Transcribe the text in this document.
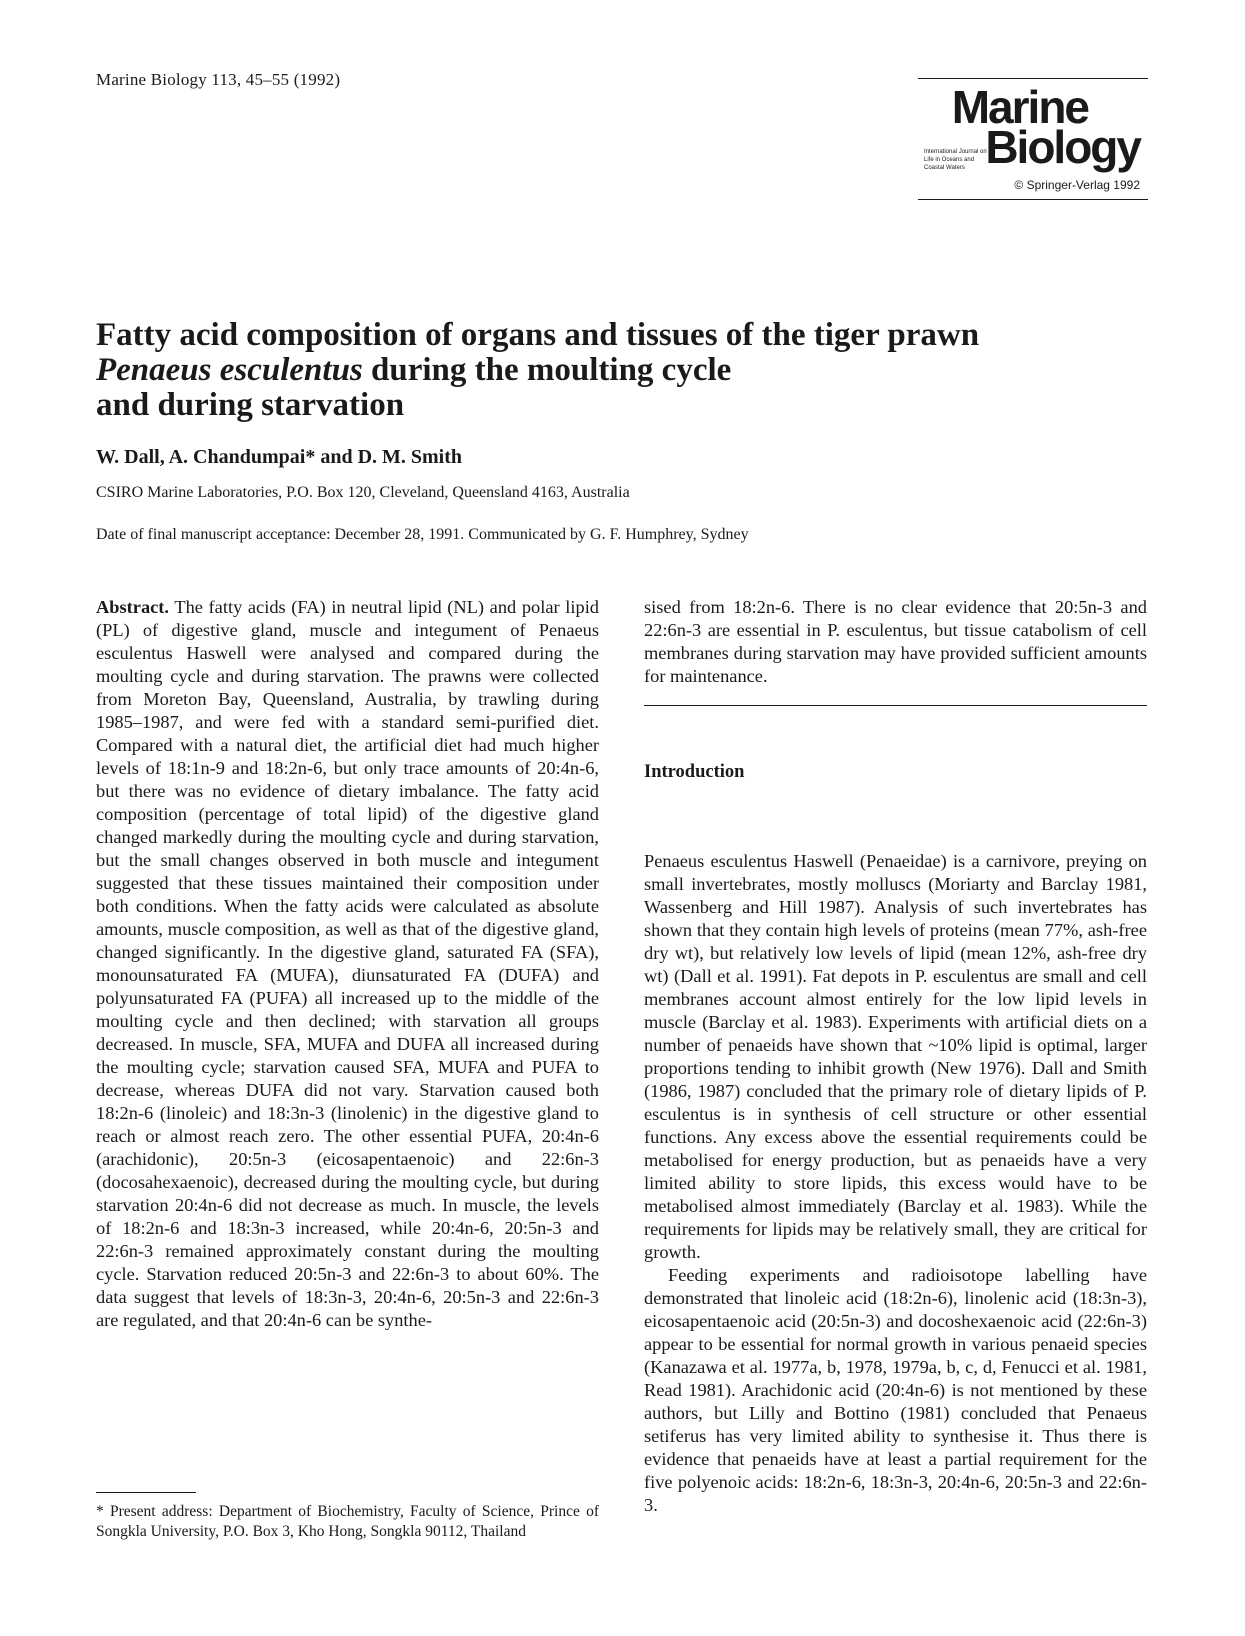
Marine Biology 113, 45–55 (1992)
Marine
International Journal on Life in Oceans and Coastal Waters Biology
© Springer-Verlag 1992
Fatty acid composition of organs and tissues of the tiger prawn
Penaeus esculentus during the moulting cycle
and during starvation
W. Dall, A. Chandumpai* and D. M. Smith
CSIRO Marine Laboratories, P.O. Box 120, Cleveland, Queensland 4163, Australia
Date of final manuscript acceptance: December 28, 1991. Communicated by G. F. Humphrey, Sydney

Abstract. The fatty acids (FA) in neutral lipid (NL) and polar lipid (PL) of digestive gland, muscle and integument of Penaeus esculentus Haswell were analysed and compared during the moulting cycle and during starvation. The prawns were collected from Moreton Bay, Queensland, Australia, by trawling during 1985–1987, and were fed with a standard semi-purified diet. Compared with a natural diet, the artificial diet had much higher levels of 18:1n-9 and 18:2n-6, but only trace amounts of 20:4n-6, but there was no evidence of dietary imbalance. The fatty acid composition (percentage of total lipid) of the digestive gland changed markedly during the moulting cycle and during starvation, but the small changes observed in both muscle and integument suggested that these tissues maintained their composition under both conditions. When the fatty acids were calculated as absolute amounts, muscle composition, as well as that of the digestive gland, changed significantly. In the digestive gland, saturated FA (SFA), monounsaturated FA (MUFA), diunsaturated FA (DUFA) and polyunsaturated FA (PUFA) all increased up to the middle of the moulting cycle and then declined; with starvation all groups decreased. In muscle, SFA, MUFA and DUFA all increased during the moulting cycle; starvation caused SFA, MUFA and PUFA to decrease, whereas DUFA did not vary. Starvation caused both 18:2n-6 (linoleic) and 18:3n-3 (linolenic) in the digestive gland to reach or almost reach zero. The other essential PUFA, 20:4n-6 (arachidonic), 20:5n-3 (eicosapentaenoic) and 22:6n-3 (docosahexaenoic), decreased during the moulting cycle, but during starvation 20:4n-6 did not decrease as much. In muscle, the levels of 18:2n-6 and 18:3n-3 increased, while 20:4n-6, 20:5n-3 and 22:6n-3 remained approximately constant during the moulting cycle. Starvation reduced 20:5n-3 and 22:6n-3 to about 60%. The data suggest that levels of 18:3n-3, 20:4n-6, 20:5n-3 and 22:6n-3 are regulated, and that 20:4n-6 can be synthe-

sised from 18:2n-6. There is no clear evidence that 20:5n-3 and 22:6n-3 are essential in P. esculentus, but tissue catabolism of cell membranes during starvation may have provided sufficient amounts for maintenance.

Introduction

Penaeus esculentus Haswell (Penaeidae) is a carnivore, preying on small invertebrates, mostly molluscs (Moriarty and Barclay 1981, Wassenberg and Hill 1987). Analysis of such invertebrates has shown that they contain high levels of proteins (mean 77%, ash-free dry wt), but relatively low levels of lipid (mean 12%, ash-free dry wt) (Dall et al. 1991). Fat depots in P. esculentus are small and cell membranes account almost entirely for the low lipid levels in muscle (Barclay et al. 1983). Experiments with artificial diets on a number of penaeids have shown that ~10% lipid is optimal, larger proportions tending to inhibit growth (New 1976). Dall and Smith (1986, 1987) concluded that the primary role of dietary lipids of P. esculentus is in synthesis of cell structure or other essential functions. Any excess above the essential requirements could be metabolised for energy production, but as penaeids have a very limited ability to store lipids, this excess would have to be metabolised almost immediately (Barclay et al. 1983). While the requirements for lipids may be relatively small, they are critical for growth.

Feeding experiments and radioisotope labelling have demonstrated that linoleic acid (18:2n-6), linolenic acid (18:3n-3), eicosapentaenoic acid (20:5n-3) and docoshexaenoic acid (22:6n-3) appear to be essential for normal growth in various penaeid species (Kanazawa et al. 1977a, b, 1978, 1979a, b, c, d, Fenucci et al. 1981, Read 1981). Arachidonic acid (20:4n-6) is not mentioned by these authors, but Lilly and Bottino (1981) concluded that Penaeus setiferus has very limited ability to synthesise it. Thus there is evidence that penaeids have at least a partial requirement for the five polyenoic acids: 18:2n-6, 18:3n-3, 20:4n-6, 20:5n-3 and 22:6n-3.

* Present address: Department of Biochemistry, Faculty of Science, Prince of Songkla University, P.O. Box 3, Kho Hong, Songkla 90112, Thailand
